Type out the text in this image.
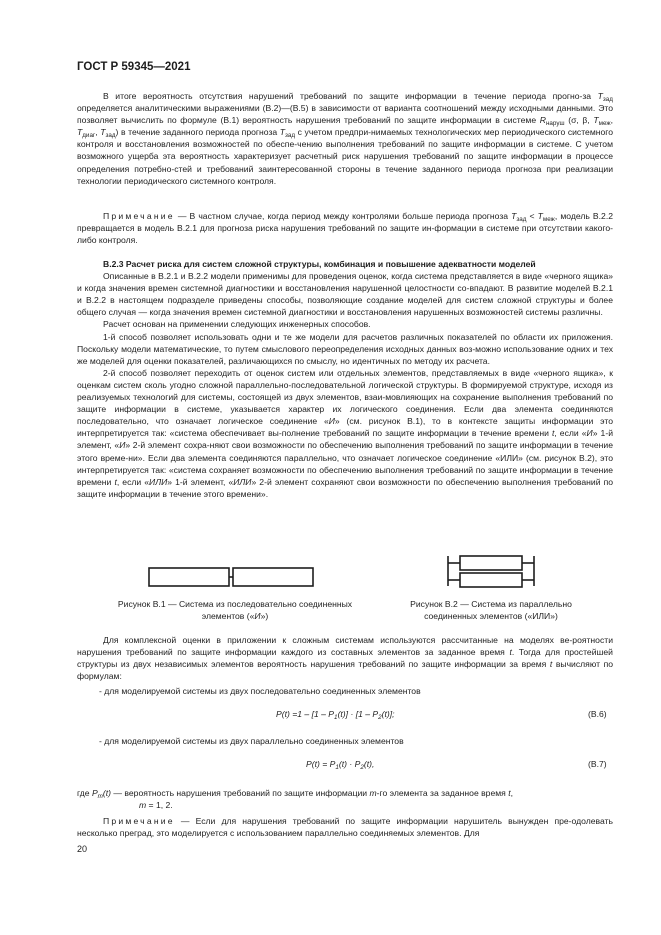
ГОСТ Р 59345—2021

В итоге вероятность отсутствия нарушений требований по защите информации в течение периода прогно-за $T_{зад}$ определяется аналитическими выражениями (В.2)—(В.5) в зависимости от варианта соотношений между исходными данными. Это позволяет вычислить по формуле (В.1) вероятность нарушения требований по защите информации в системе $R_{наруш}$ (σ, β, $T_{меж}$, $T_{диаг}$, $T_{зад}$) в течение заданного периода прогноза $T_{зад}$ с учетом предпри-нимаемых технологических мер периодического системного контроля и восстановления возможностей по обеспе-чению выполнения требований по защите информации в системе. С учетом возможного ущерба эта вероятность характеризует расчетный риск нарушения требований по защите информации в процессе определения потребно-стей и требований заинтересованной стороны в течение заданного периода прогноза при реализации технологии периодического системного контроля.

Примечание — В частном случае, когда период между контролями больше периода прогноза $T_{зад} < T_{меж}$, модель В.2.2 превращается в модель В.2.1 для прогноза риска нарушения требований по защите ин-формации в системе при отсутствии какого-либо контроля.

В.2.3 Расчет риска для систем сложной структуры, комбинация и повышение адекватности моделей

Описанные в В.2.1 и В.2.2 модели применимы для проведения оценок, когда система представляется в виде «черного ящика» и когда значения времен системной диагностики и восстановления нарушенной целостности со-впадают. В развитие моделей В.2.1 и В.2.2 в настоящем подразделе приведены способы, позволяющие создание моделей для систем сложной структуры и более общего случая — когда значения времен системной диагностики и восстановления нарушенных возможностей системы различны.

Расчет основан на применении следующих инженерных способов.

1-й способ позволяет использовать одни и те же модели для расчетов различных показателей по области их приложения. Поскольку модели математические, то путем смыслового переопределения исходных данных воз-можно использование одних и тех же моделей для оценки показателей, различающихся по смыслу, но идентичных по методу их расчета.

2-й способ позволяет переходить от оценок систем или отдельных элементов, представляемых в виде «черного ящика», к оценкам систем сколь угодно сложной параллельно-последовательной логической структуры. В формируемой структуре, исходя из реализуемых технологий для системы, состоящей из двух элементов, взаи-мовлияющих на сохранение выполнения требований по защите информации в системе, указывается характер их логического соединения. Если два элемента соединяются последовательно, что означает логическое соединение «И» (см. рисунок В.1), то в контексте защиты информации это интерпретируется так: «система обеспечивает вы-полнение требований по защите информации в течение времени t, если «И» 1-й элемент, «И» 2-й элемент сохра-няют свои возможности по обеспечению выполнения требований по защите информации в течение этого време-ни». Если два элемента соединяются параллельно, что означает логическое соединение «ИЛИ» (см. рисунок В.2), это интерпретируется так: «система сохраняет возможности по обеспечению выполнения требований по защите информации в течение времени t, если «ИЛИ» 1-й элемент, «ИЛИ» 2-й элемент сохраняют свои возможности по обеспечению выполнения требований по защите информации в течение этого времени».

Рисунок В.1 — Система из последовательно соединенных
элементов («И»)
Рисунок В.2 — Система из параллельно
соединенных элементов («ИЛИ»)

Для комплексной оценки в приложении к сложным системам используются рассчитанные на моделях ве-роятности нарушения требований по защите информации каждого из составных элементов за заданное время t. Тогда для простейшей структуры из двух независимых элементов вероятность нарушения требований по защите информации за время t вычисляют по формулам:

- для моделируемой системы из двух последовательно соединенных элементов
$P(t) =1 - [1 - P_1(t)] \cdot [1 - P_2(t)]$;	(В.6)
- для моделируемой системы из двух параллельно соединенных элементов
$P(t) = P_1(t) \cdot P_2(t)$,	(В.7)

где $P_m(t)$ — вероятность нарушения требований по защите информации m-го элемента за заданное время t,

m = 1, 2.

Примечание — Если для нарушения требований по защите информации нарушитель вынужден пре-одолевать несколько преград, это моделируется с использованием параллельно соединяемых элементов. Для

20
